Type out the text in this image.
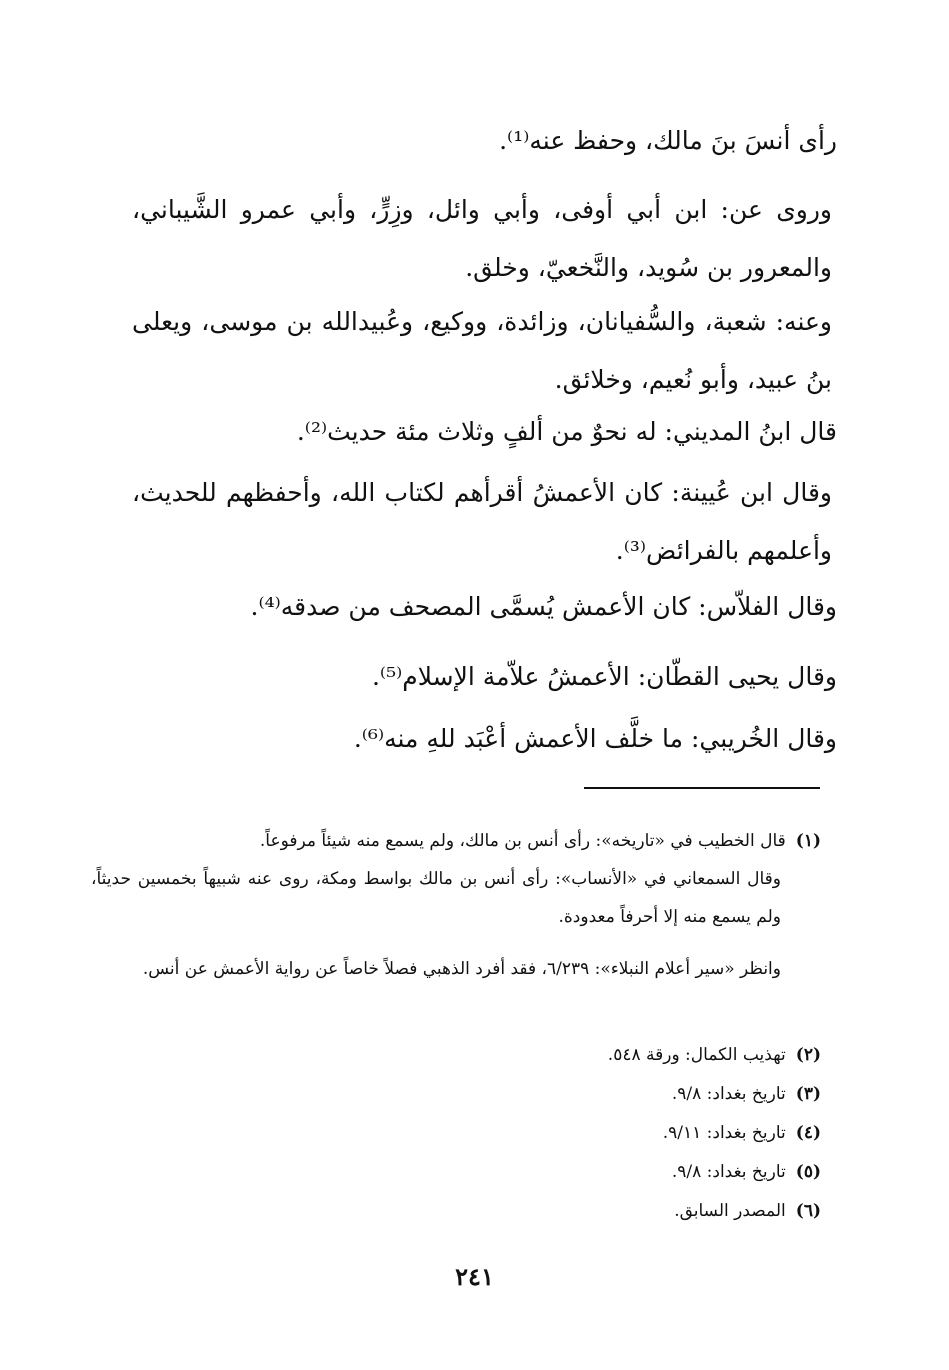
رأى أنسَ بنَ مالك، وحفظ عنه⁽¹⁾.
وروى عن: ابن أبي أوفى، وأبي وائل، وزِرٍّ، وأبي عمرو الشَّيباني، والمعرور بن سُويد، والنَّخعيّ، وخلق.
وعنه: شعبة، والسُّفيانان، وزائدة، ووكيع، وعُبيدالله بن موسى، ويعلى بنُ عبيد، وأبو نُعيم، وخلائق.
قال ابنُ المديني: له نحوٌ من ألفٍ وثلاث مئة حديث⁽²⁾.
وقال ابن عُيينة: كان الأعمشُ أقرأهم لكتاب الله، وأحفظهم للحديث، وأعلمهم بالفرائض⁽³⁾.
وقال الفلاّس: كان الأعمش يُسمَّى المصحف من صدقه⁽⁴⁾.
وقال يحيى القطّان: الأعمشُ علاّمة الإسلام⁽⁵⁾.
وقال الخُريبي: ما خلَّف الأعمش أعْبَد للهِ منه⁽⁶⁾.
(١)قال الخطيب في «تاريخه»: رأى أنس بن مالك، ولم يسمع منه شيئاً مرفوعاً.
وقال السمعاني في «الأنساب»: رأى أنس بن مالك بواسط ومكة، روى عنه شبيهاً بخمسين حديثاً، ولم يسمع منه إلا أحرفاً معدودة.
وانظر «سير أعلام النبلاء»: ٦/٢٣٩، فقد أفرد الذهبي فصلاً خاصاً عن رواية الأعمش عن أنس.
(٢)تهذيب الكمال: ورقة ٥٤٨.
(٣)تاريخ بغداد: ٩/٨.
(٤)تاريخ بغداد: ٩/١١.
(٥)تاريخ بغداد: ٩/٨.
(٦)المصدر السابق.
٢٤١
